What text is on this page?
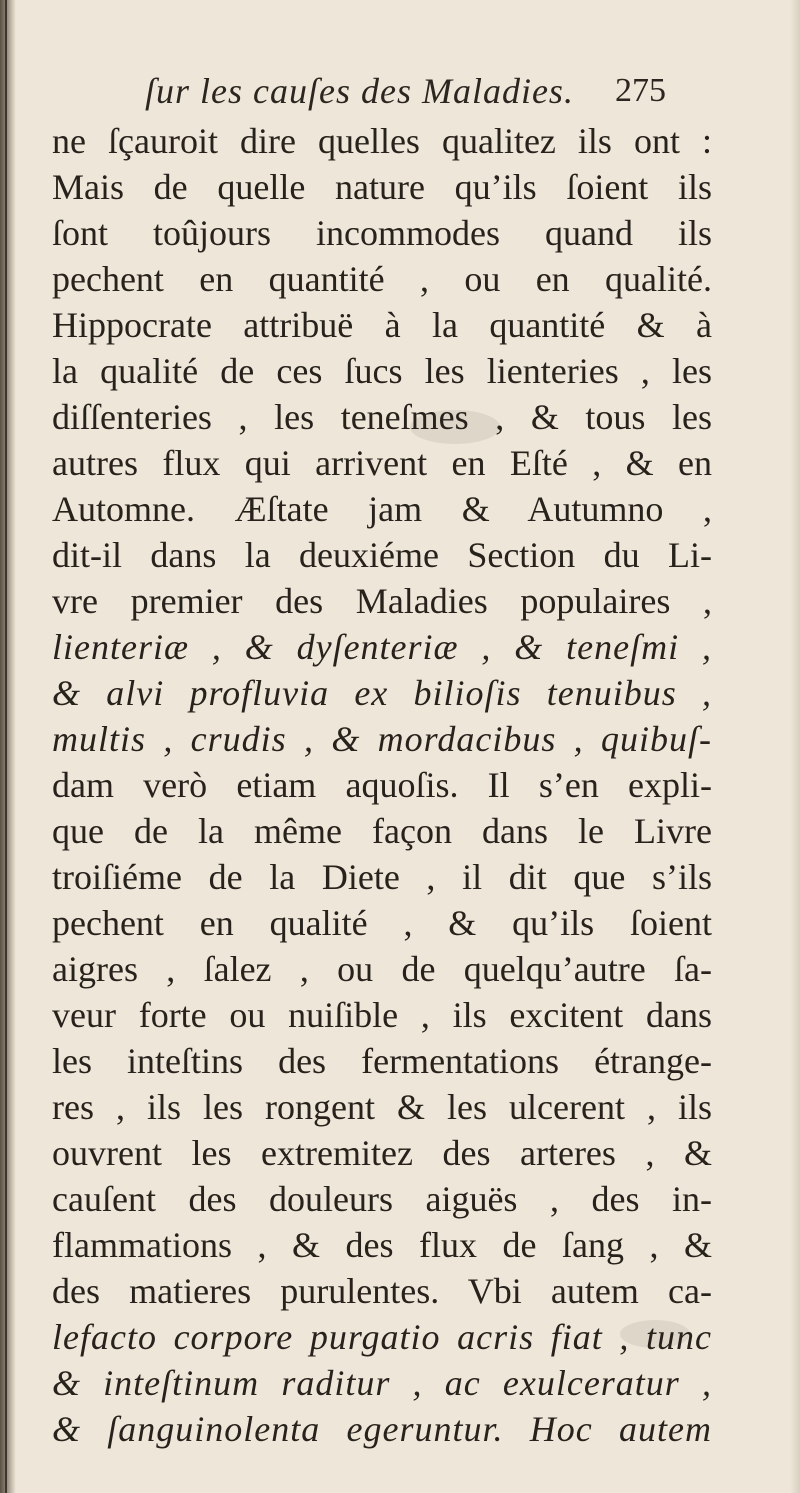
ſur les cauſes des Maladies. 275
ne ſçauroit dire quelles qualitez ils ont :
Mais de quelle nature qu’ils ſoient ils
ſont toûjours incommodes quand ils
pechent en quantité , ou en qualité.
Hippocrate attribuë à la quantité & à
la qualité de ces ſucs les lienteries , les
diſſenteries , les teneſmes , & tous les
autres flux qui arrivent en Eſté , & en
Automne. Æſtate jam & Autumno ,
dit-il dans la deuxiéme Section du Li-
vre premier des Maladies populaires ,
lienteriæ , & dyſenteriæ , & teneſmi ,
& alvi profluvia ex bilioſis tenuibus ,
multis , crudis , & mordacibus , quibuſ-
dam verò etiam aquoſis. Il s’en expli-
que de la même façon dans le Livre
troiſiéme de la Diete , il dit que s’ils
pechent en qualité , & qu’ils ſoient
aigres , ſalez , ou de quelqu’autre ſa-
veur forte ou nuiſible , ils excitent dans
les inteſtins des fermentations étrange-
res , ils les rongent & les ulcerent , ils
ouvrent les extremitez des arteres , &
cauſent des douleurs aiguës , des in-
flammations , & des flux de ſang , &
des matieres purulentes. Vbi autem ca-
lefacto corpore purgatio acris fiat , tunc
& inteſtinum raditur , ac exulceratur ,
& ſanguinolenta egeruntur. Hoc autem
